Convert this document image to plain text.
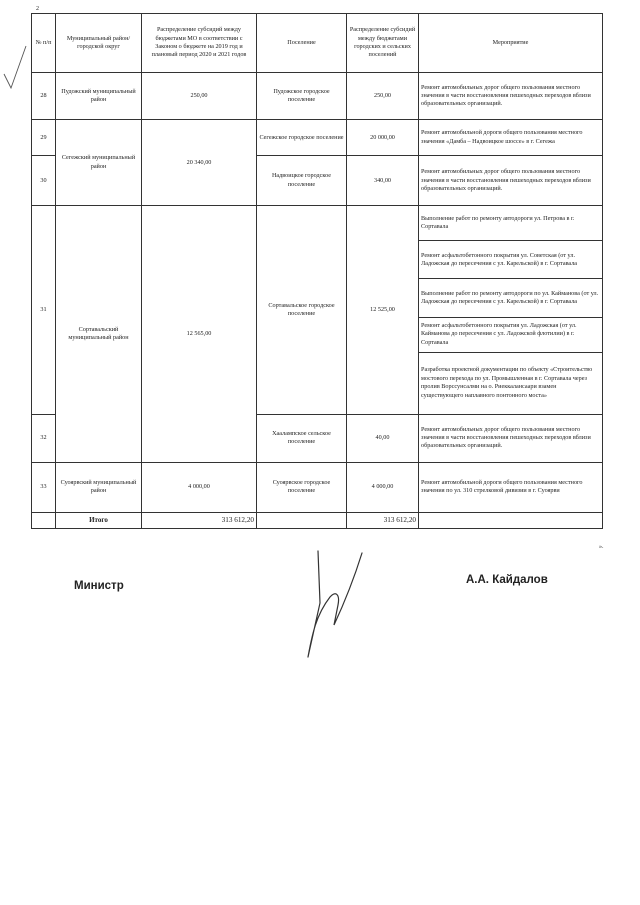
2
».
№ п/п	Муниципальный район/городской округ	Распределение субсидий между бюджетами МО в соответствии с Законом о бюджете на 2019 год и плановый период 2020 и 2021 годов	Поселение	Распределение субсидий между бюджетами городских и сельских поселений	Мероприятие
28	Пудожский муниципальный район	250,00	Пудожское городское поселение	250,00	Ремонт автомобильных дорог общего пользования местного значения в части восстановления пешеходных переходов вблизи образовательных организаций.
29	Сегежский муниципальный район	20 340,00	Сегежское городское поселение	20 000,00	Ремонт автомобильной дороги общего пользования местного значения «Дамба – Надвоицкое шоссе» в г. Сегежа
30			Надвоицкое городское поселение	340,00	Ремонт автомобильных дорог общего пользования местного значения в части восстановления пешеходных переходов вблизи образовательных организаций.
31	Сортавальский муниципальный район	12 565,00	Сортавальское городское поселение	12 525,00	Выполнение работ по ремонту автодороги ул. Петрова в г. Сортавала
					Ремонт асфальтобетонного покрытия ул. Советская (от ул. Ладожская до пересечения с ул. Карельской) в г. Сортавала
					Выполнение работ по ремонту автодороги по ул. Кайманова (от ул. Ладожская до пересечения с ул. Карельской) в г. Сортавала
					Ремонт асфальтобетонного покрытия ул. Ладожская (от ул. Кайманова до пересечения с ул. Ладожской флотилии) в г. Сортавала
					Разработка проектной документации по объекту «Строительство мостового перехода по ул. Промышленная в г. Сортавала через пролив Ворссунсалми на о. Риеккалансаари взамен существующего наплавного понтонного моста»
32			Хаалампское сельское поселение	40,00	Ремонт автомобильных дорог общего пользования местного значения в части восстановления пешеходных переходов вблизи образовательных организаций.
33	Суоярвский муниципальный район	4 000,00	Суоярвское городское поселение	4 000,00	Ремонт автомобильной дороги общего пользования местного значения по ул. 310 стрелковой дивизии в г. Суоярви
	Итого	313 612,20		313 612,20	
Министр	А.А. Кайдалов
